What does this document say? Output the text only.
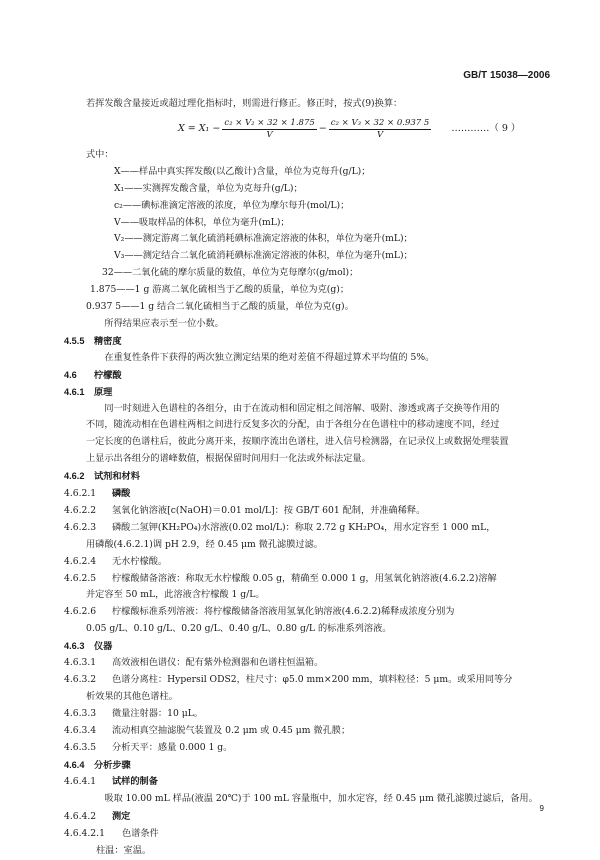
GB/T 15038—2006

若挥发酸含量接近或超过理化指标时，则需进行修正。修正时，按式(9)换算：

$X = X_1 - \frac{\text{c₂ × V₂ × 32 × 1.875}}{V} - \frac{\text{c₂ × V₃ × 32 × 0.937 5}}{V}$ …………（ 9 ）

式中：

X——样品中真实挥发酸(以乙酸计)含量，单位为克每升(g/L)；

X₁——实测挥发酸含量，单位为克每升(g/L)；

c₂——碘标准滴定溶液的浓度，单位为摩尔每升(mol/L)；

V——吸取样品的体积，单位为毫升(mL)；

V₂——测定游离二氧化硫消耗碘标准滴定溶液的体积，单位为毫升(mL)；

V₃——测定结合二氧化硫消耗碘标准滴定溶液的体积，单位为毫升(mL)；

32——二氧化硫的摩尔质量的数值，单位为克每摩尔(g/mol)；

1.875——1 g 游离二氧化硫相当于乙酸的质量，单位为克(g)；

0.937 5——1 g 结合二氧化硫相当于乙酸的质量，单位为克(g)。

所得结果应表示至一位小数。

4.5.5 精密度

在重复性条件下获得的两次独立测定结果的绝对差值不得超过算术平均值的 5%。

4.6 柠檬酸

4.6.1 原理

同一时刻进入色谱柱的各组分，由于在流动相和固定相之间溶解、吸附、渗透或离子交换等作用的

不同，随流动相在色谱柱两相之间进行反复多次的分配，由于各组分在色谱柱中的移动速度不同，经过

一定长度的色谱柱后，彼此分离开来，按顺序流出色谱柱，进入信号检测器，在记录仪上或数据处理装置

上显示出各组分的谱峰数值，根据保留时间用归一化法或外标法定量。

4.6.2 试剂和材料

4.6.2.1 磷酸

4.6.2.2 氢氧化钠溶液[c(NaOH)＝0.01 mol/L]：按 GB/T 601 配制，并准确稀释。

4.6.2.3 磷酸二氢钾(KH₂PO₄)水溶液(0.02 mol/L)：称取 2.72 g KH₂PO₄，用水定容至 1 000 mL，

用磷酸(4.6.2.1)调 pH 2.9，经 0.45 μm 微孔滤膜过滤。

4.6.2.4 无水柠檬酸。

4.6.2.5 柠檬酸储备溶液：称取无水柠檬酸 0.05 g，精确至 0.000 1 g，用氢氧化钠溶液(4.6.2.2)溶解

并定容至 50 mL，此溶液含柠檬酸 1 g/L。

4.6.2.6 柠檬酸标准系列溶液：将柠檬酸储备溶液用氢氧化钠溶液(4.6.2.2)稀释成浓度分别为

0.05 g/L、0.10 g/L、0.20 g/L、0.40 g/L、0.80 g/L 的标准系列溶液。

4.6.3 仪器

4.6.3.1 高效液相色谱仪：配有紫外检测器和色谱柱恒温箱。

4.6.3.2 色谱分离柱：Hypersil ODS2，柱尺寸：φ5.0 mm×200 mm，填料粒径：5 μm。或采用同等分

析效果的其他色谱柱。

4.6.3.3 微量注射器：10 μL。

4.6.3.4 流动相真空抽滤脱气装置及 0.2 μm 或 0.45 μm 微孔膜；

4.6.3.5 分析天平：感量 0.000 1 g。

4.6.4 分析步骤

4.6.4.1 试样的制备

吸取 10.00 mL 样品(液温 20℃)于 100 mL 容量瓶中，加水定容，经 0.45 μm 微孔滤膜过滤后，备用。

4.6.4.2 测定

4.6.4.2.1 色谱条件

柱温：室温。

9
